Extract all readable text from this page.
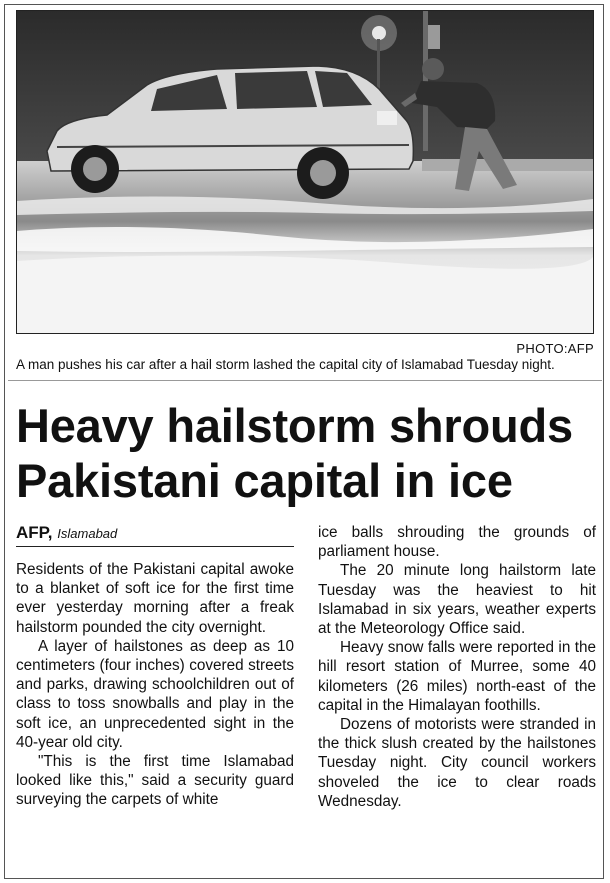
PHOTO:AFP
A man pushes his car after a hail storm lashed the capital city of Islamabad Tuesday night.
Heavy hailstorm shrouds
Pakistani capital in ice
AFP, Islamabad

Residents of the Pakistani capital awoke to a blanket of soft ice for the first time ever yesterday morning after a freak hailstorm pounded the city overnight.

A layer of hailstones as deep as 10 centimeters (four inches) covered streets and parks, drawing schoolchildren out of class to toss snowballs and play in the soft ice, an unprecedented sight in the 40-year old city.

"This is the first time Islamabad looked like this," said a security guard surveying the carpets of white

ice balls shrouding the grounds of parliament house.

The 20 minute long hailstorm late Tuesday was the heaviest to hit Islamabad in six years, weather experts at the Meteorology Office said.

Heavy snow falls were reported in the hill resort station of Murree, some 40 kilometers (26 miles) north-east of the capital in the Himalayan foothills.

Dozens of motorists were stranded in the thick slush created by the hailstones Tuesday night. City council workers shoveled the ice to clear roads Wednesday.
